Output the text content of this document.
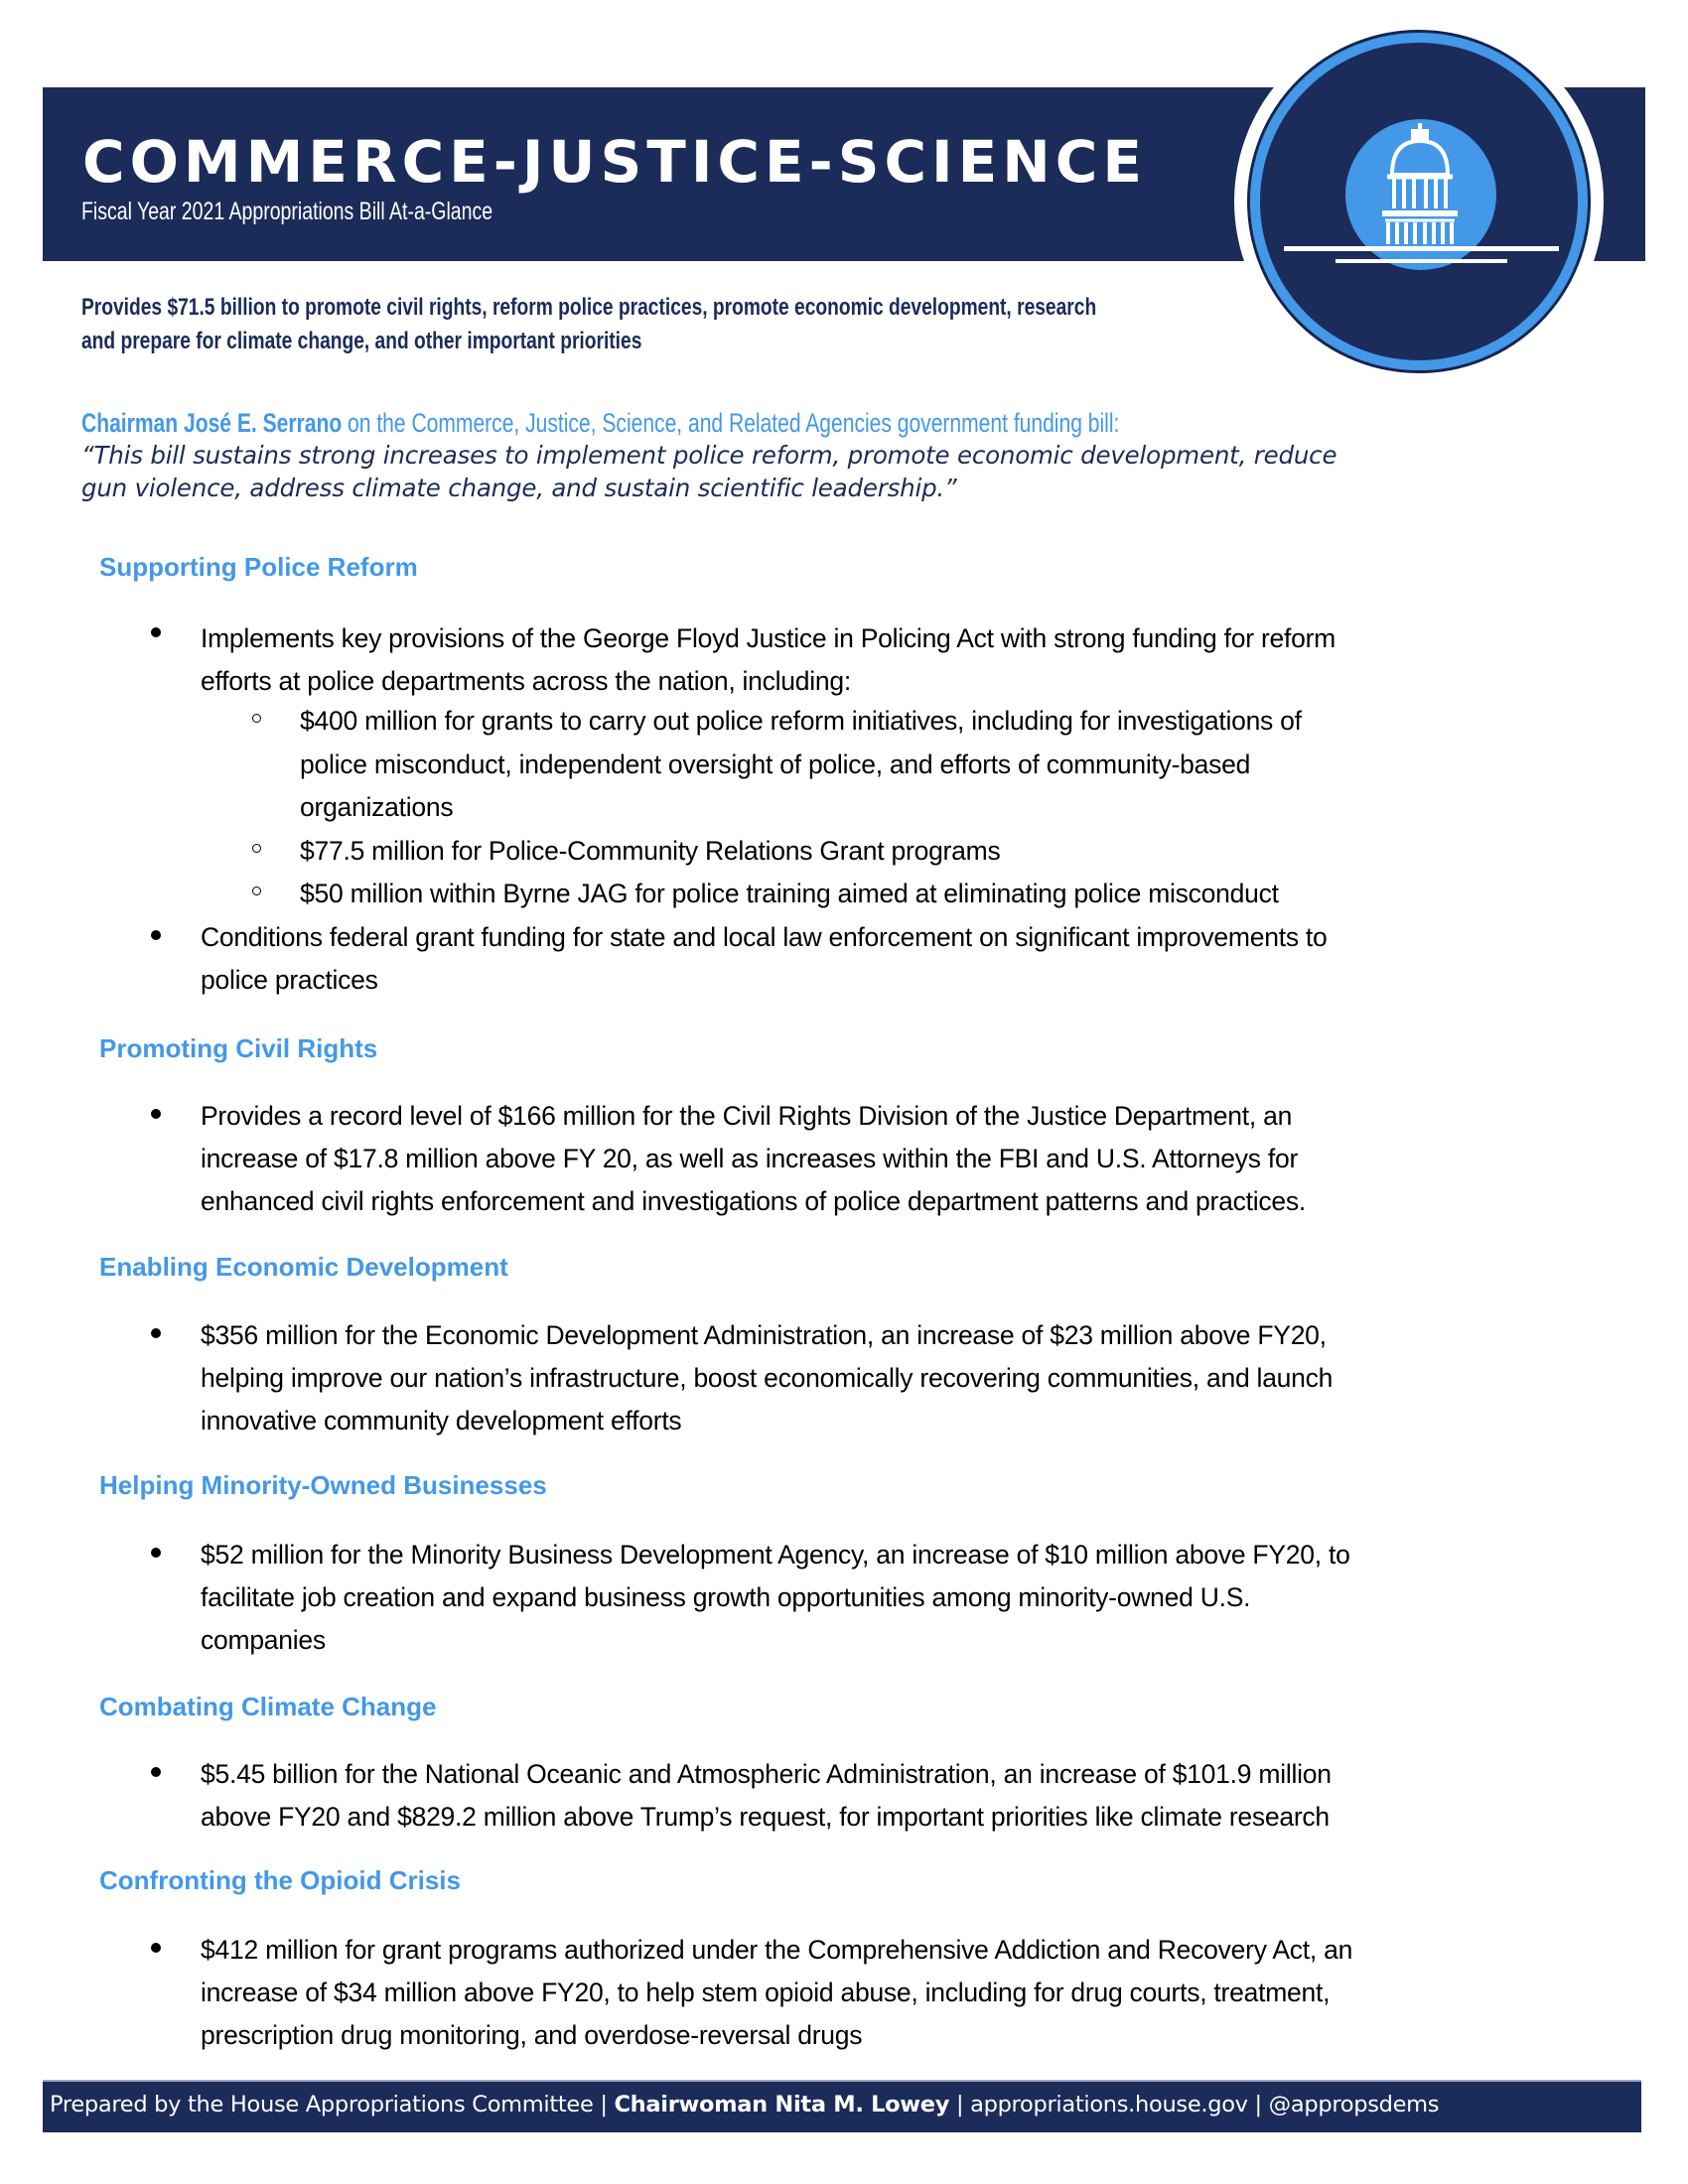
COMMERCE-JUSTICE-SCIENCE

Fiscal Year 2021 Appropriations Bill At-a-Glance

Provides $71.5 billion to promote civil rights, reform police practices, promote economic development, research
and prepare for climate change, and other important priorities

Chairman José E. Serrano on the Commerce, Justice, Science, and Related Agencies government funding bill:

“This bill sustains strong increases to implement police reform, promote economic development, reduce
gun violence, address climate change, and sustain scientific leadership.”
Supporting Police Reform
Implements key provisions of the George Floyd Justice in Policing Act with strong funding for reform
efforts at police departments across the nation, including:
$400 million for grants to carry out police reform initiatives, including for investigations of
police misconduct, independent oversight of police, and efforts of community-based
organizations
$77.5 million for Police-Community Relations Grant programs
$50 million within Byrne JAG for police training aimed at eliminating police misconduct
Conditions federal grant funding for state and local law enforcement on significant improvements to
police practices
Promoting Civil Rights
Provides a record level of $166 million for the Civil Rights Division of the Justice Department, an
increase of $17.8 million above FY 20, as well as increases within the FBI and U.S. Attorneys for
enhanced civil rights enforcement and investigations of police department patterns and practices.
Enabling Economic Development
$356 million for the Economic Development Administration, an increase of $23 million above FY20,
helping improve our nation’s infrastructure, boost economically recovering communities, and launch
innovative community development efforts
Helping Minority-Owned Businesses
$52 million for the Minority Business Development Agency, an increase of $10 million above FY20, to
facilitate job creation and expand business growth opportunities among minority-owned U.S.
companies
Combating Climate Change
$5.45 billion for the National Oceanic and Atmospheric Administration, an increase of $101.9 million
above FY20 and $829.2 million above Trump’s request, for important priorities like climate research
Confronting the Opioid Crisis
$412 million for grant programs authorized under the Comprehensive Addiction and Recovery Act, an
increase of $34 million above FY20, to help stem opioid abuse, including for drug courts, treatment,
prescription drug monitoring, and overdose-reversal drugs

Prepared by the House Appropriations Committee | Chairwoman Nita M. Lowey | appropriations.house.gov | @appropsdems
